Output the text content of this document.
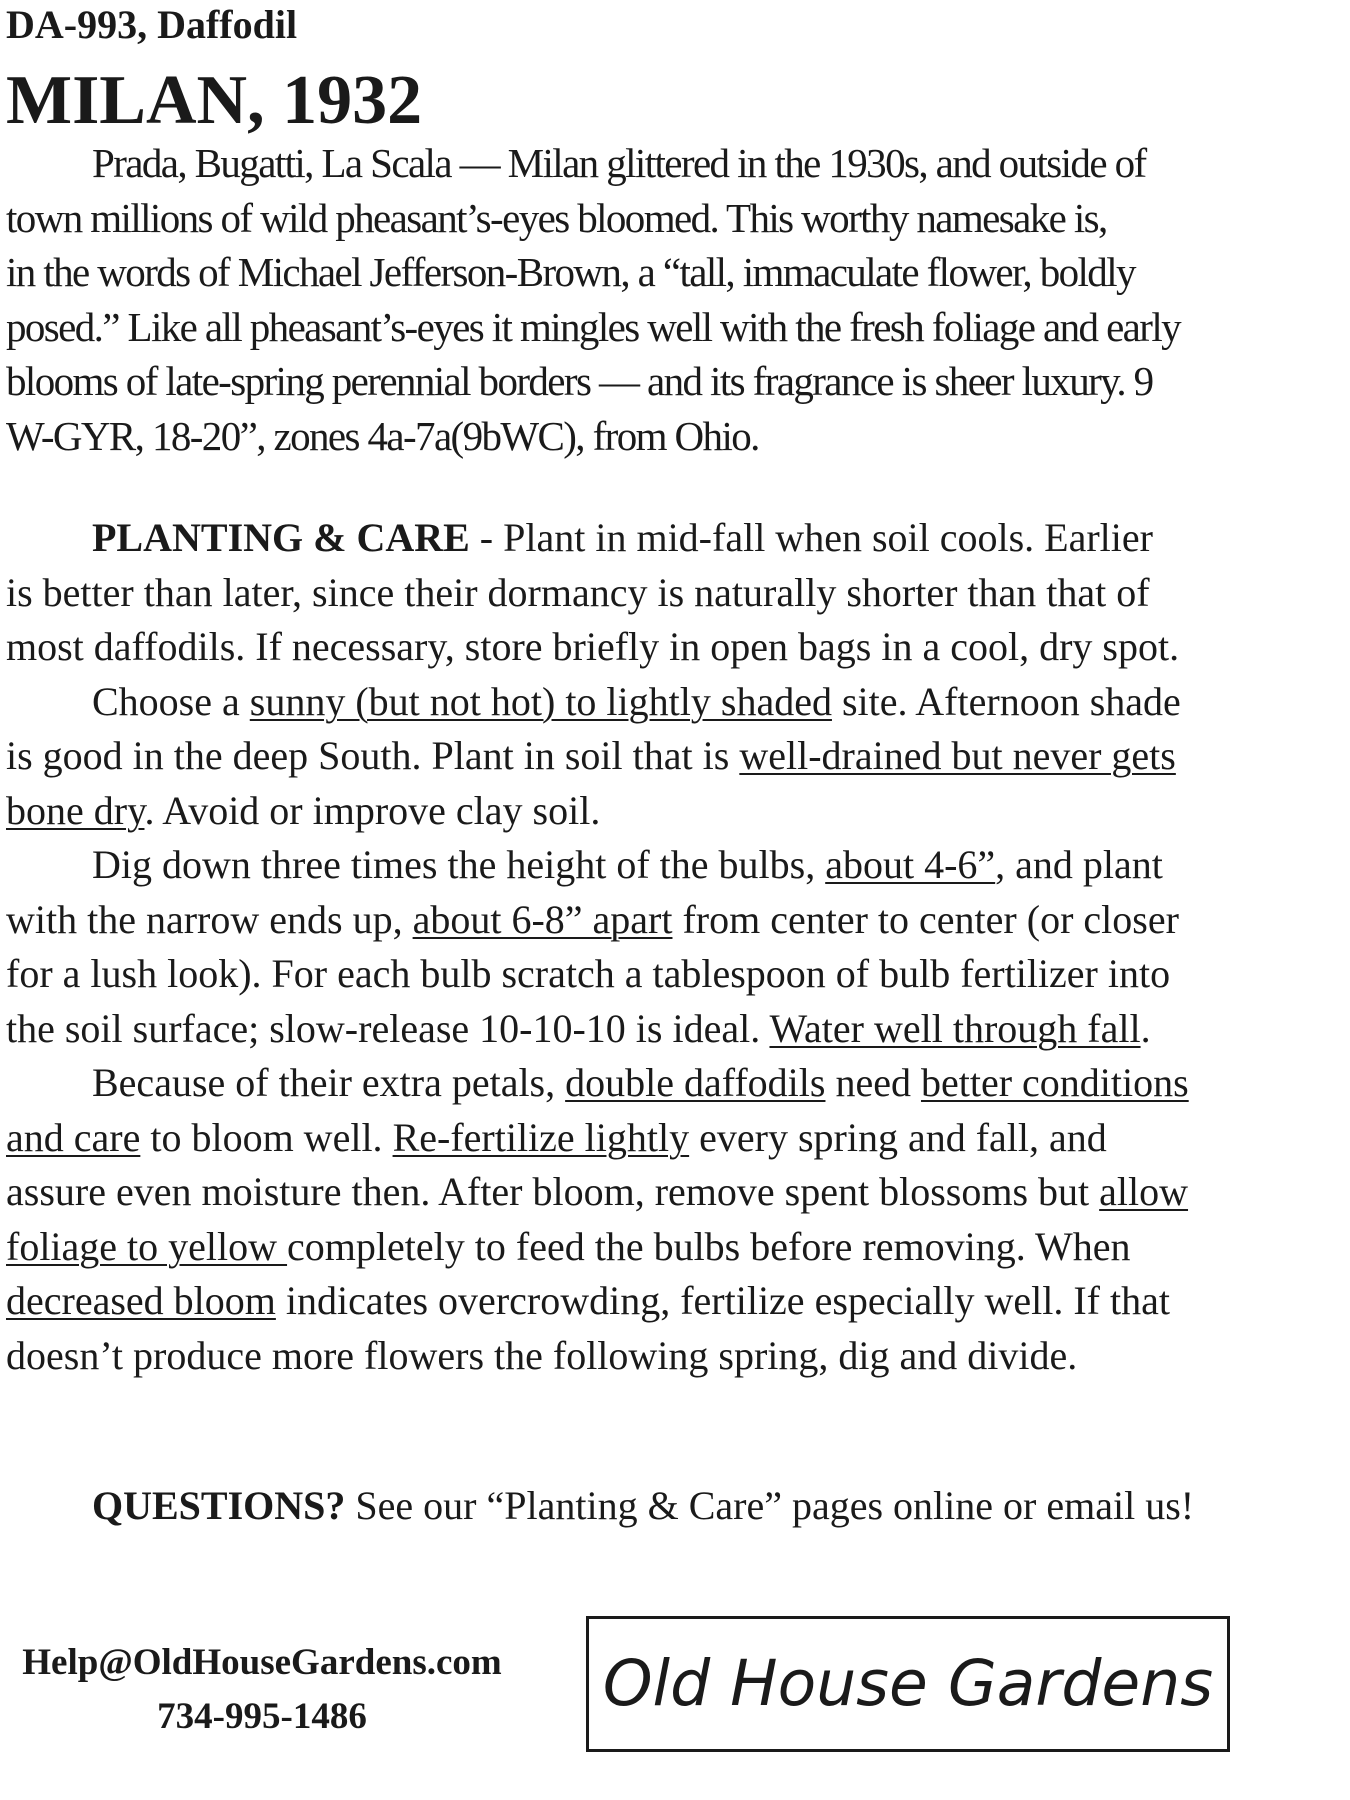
DA-993, Daffodil
MILAN, 1932
Prada, Bugatti, La Scala — Milan glittered in the 1930s, and outside of
town millions of wild pheasant’s-eyes bloomed. This worthy namesake is,
in the words of Michael Jefferson-Brown, a “tall, immaculate flower, boldly
posed.” Like all pheasant’s-eyes it mingles well with the fresh foliage and early
blooms of late-spring perennial borders — and its fragrance is sheer luxury. 9
W-GYR, 18-20”, zones 4a-7a(9bWC), from Ohio.
PLANTING & CARE - Plant in mid-fall when soil cools. Earlier
is better than later, since their dormancy is naturally shorter than that of
most daffodils. If necessary, store briefly in open bags in a cool, dry spot.
Choose a sunny (but not hot) to lightly shaded site. Afternoon shade
is good in the deep South. Plant in soil that is well-drained but never gets
bone dry. Avoid or improve clay soil.
Dig down three times the height of the bulbs, about 4-6”, and plant
with the narrow ends up, about 6-8” apart from center to center (or closer
for a lush look). For each bulb scratch a tablespoon of bulb fertilizer into
the soil surface; slow-release 10-10-10 is ideal. Water well through fall.
Because of their extra petals, double daffodils need better conditions
and care to bloom well. Re-fertilize lightly every spring and fall, and
assure even moisture then. After bloom, remove spent blossoms but allow
foliage to yellow completely to feed the bulbs before removing. When
decreased bloom indicates overcrowding, fertilize especially well. If that
doesn’t produce more flowers the following spring, dig and divide.
QUESTIONS? See our “Planting & Care” pages online or email us!
Help@OldHouseGardens.com
734-995-1486	Old House Gardens
